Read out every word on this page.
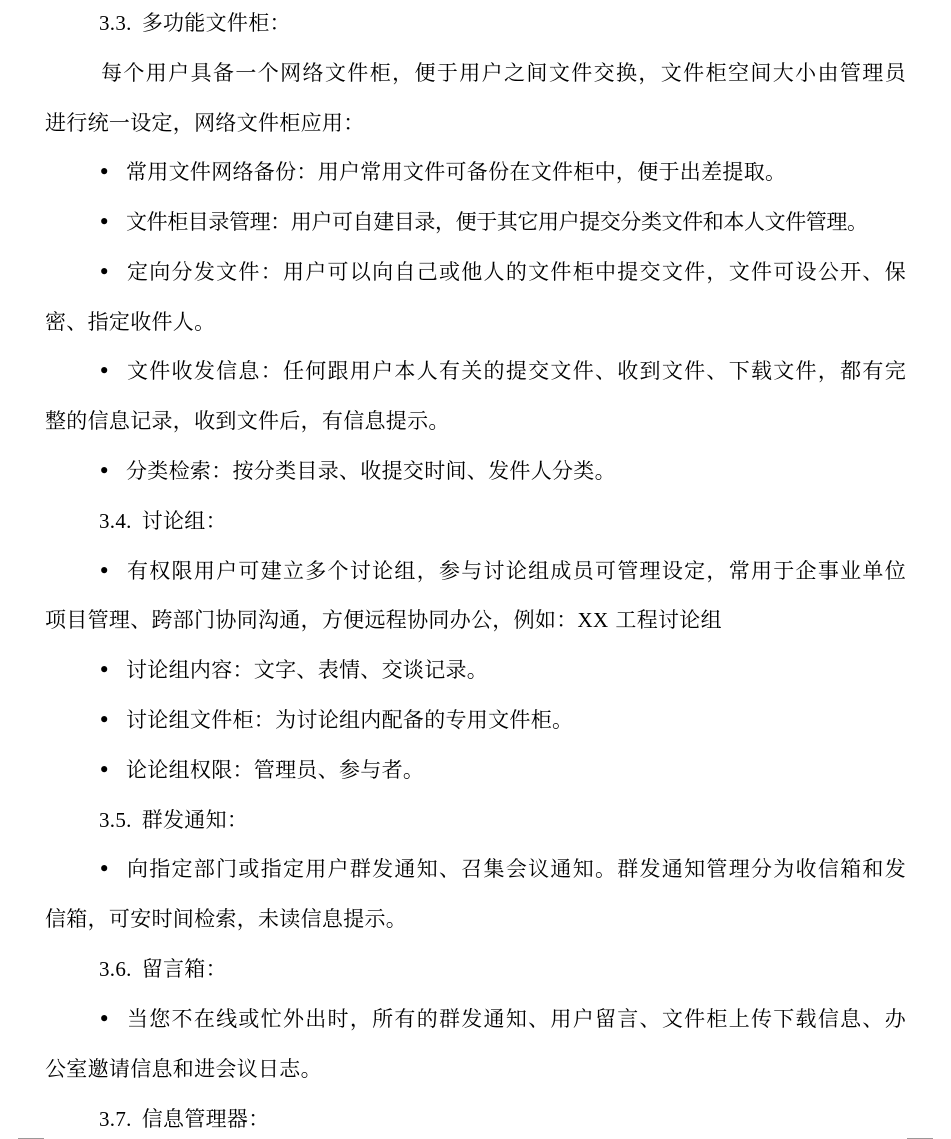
3.3. 多功能文件柜：
每个用户具备一个网络文件柜，便于用户之间文件交换，文件柜空间大小由管理员
进行统一设定，网络文件柜应用：
• 常用文件网络备份：用户常用文件可备份在文件柜中，便于出差提取。
• 文件柜目录管理：用户可自建目录，便于其它用户提交分类文件和本人文件管理。
• 定向分发文件：用户可以向自己或他人的文件柜中提交文件，文件可设公开、保
密、指定收件人。
• 文件收发信息：任何跟用户本人有关的提交文件、收到文件、下载文件，都有完
整的信息记录，收到文件后，有信息提示。
• 分类检索：按分类目录、收提交时间、发件人分类。
3.4. 讨论组：
• 有权限用户可建立多个讨论组，参与讨论组成员可管理设定，常用于企事业单位
项目管理、跨部门协同沟通，方便远程协同办公，例如：XX 工程讨论组
• 讨论组内容：文字、表情、交谈记录。
• 讨论组文件柜：为讨论组内配备的专用文件柜。
• 论论组权限：管理员、参与者。
3.5. 群发通知：
• 向指定部门或指定用户群发通知、召集会议通知。群发通知管理分为收信箱和发
信箱，可安时间检索，未读信息提示。
3.6. 留言箱：
• 当您不在线或忙外出时，所有的群发通知、用户留言、文件柜上传下载信息、办
公室邀请信息和进会议日志。
3.7. 信息管理器：
